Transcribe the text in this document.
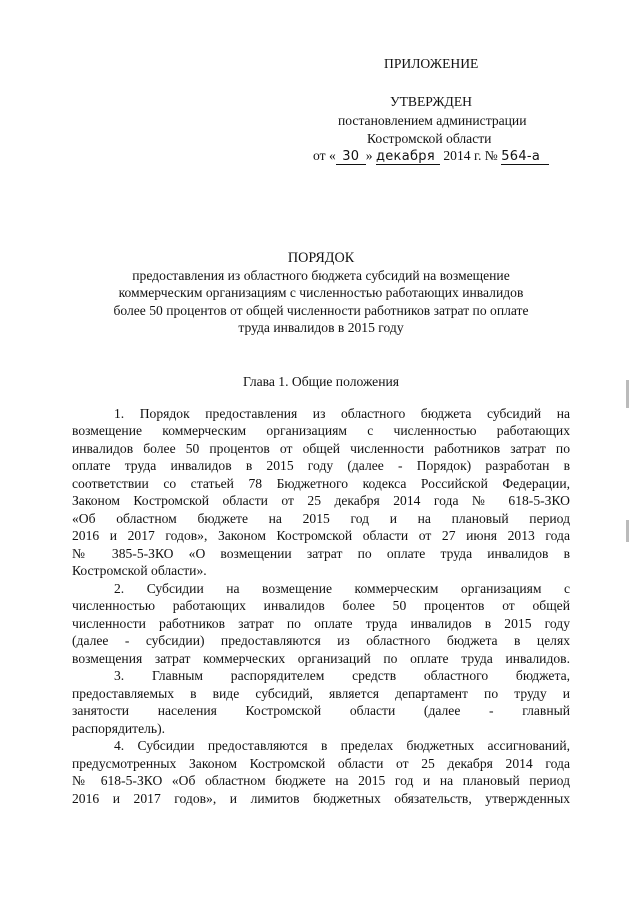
ПРИЛОЖЕНИЕ
УТВЕРЖДЕН
постановлением администрации
Костромской области
от « 30 » декабря 2014 г. № 564-а
ПОРЯДОК
предоставления из областного бюджета субсидий на возмещение
коммерческим организациям с численностью работающих инвалидов
более 50 процентов от общей численности работников затрат по оплате
труда инвалидов в 2015 году
Глава 1. Общие положения
1. Порядок предоставления из областного бюджета субсидий на
возмещение коммерческим организациям с численностью работающих
инвалидов более 50 процентов от общей численности работников затрат по
оплате труда инвалидов в 2015 году (далее - Порядок) разработан в
соответствии со статьей 78 Бюджетного кодекса Российской Федерации,
Законом Костромской области от 25 декабря 2014 года № 618-5-ЗКО
«Об областном бюджете на 2015 год и на плановый период
2016 и 2017 годов», Законом Костромской области от 27 июня 2013 года
№ 385-5-ЗКО «О возмещении затрат по оплате труда инвалидов в
Костромской области».
2. Субсидии на возмещение коммерческим организациям с
численностью работающих инвалидов более 50 процентов от общей
численности работников затрат по оплате труда инвалидов в 2015 году
(далее - субсидии) предоставляются из областного бюджета в целях
возмещения затрат коммерческих организаций по оплате труда инвалидов.
3. Главным распорядителем средств областного бюджета,
предоставляемых в виде субсидий, является департамент по труду и
занятости населения Костромской области (далее - главный
распорядитель).
4. Субсидии предоставляются в пределах бюджетных ассигнований,
предусмотренных Законом Костромской области от 25 декабря 2014 года
№ 618-5-ЗКО «Об областном бюджете на 2015 год и на плановый период
2016 и 2017 годов», и лимитов бюджетных обязательств, утвержденных
